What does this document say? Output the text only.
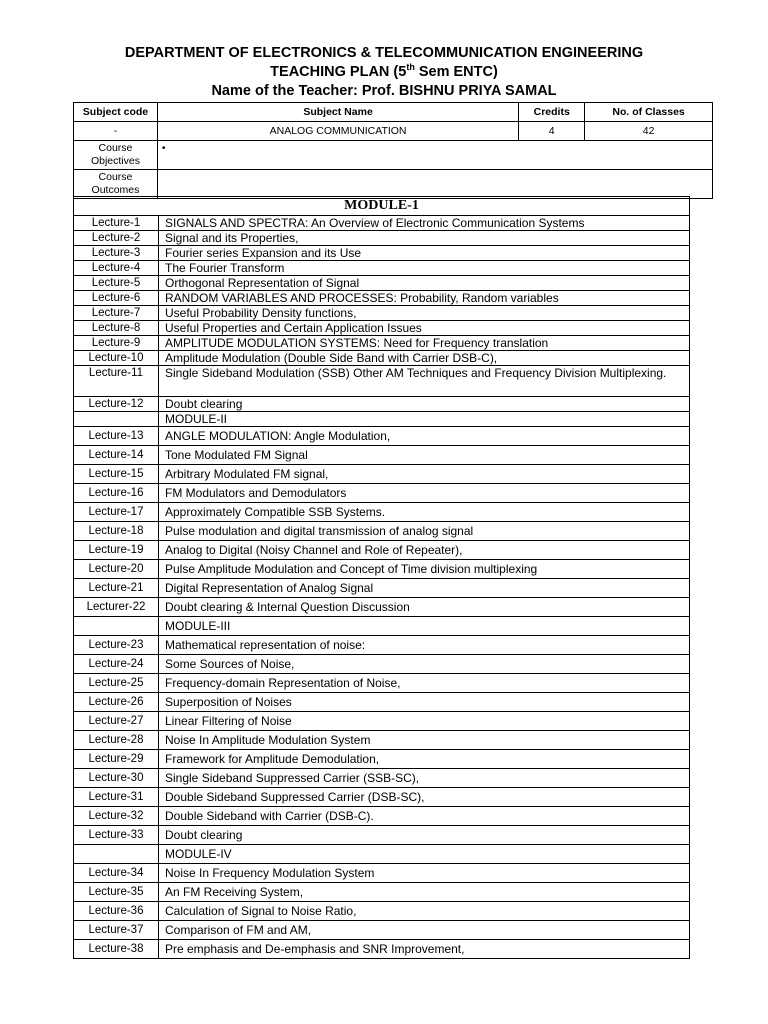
DEPARTMENT OF ELECTRONICS & TELECOMMUNICATION ENGINEERING
TEACHING PLAN (5th Sem ENTC)
Name of the Teacher: Prof. BISHNU PRIYA SAMAL
Subject code	Subject Name	Credits	No. of Classes
-	ANALOG COMMUNICATION	4	42
Course Objectives	•		
Course Outcomes			
MODULE-1	
Lecture-1	SIGNALS AND SPECTRA: An Overview of Electronic Communication Systems
Lecture-2	Signal and its Properties,
Lecture-3	Fourier series Expansion and its Use
Lecture-4	The Fourier Transform
Lecture-5	Orthogonal Representation of Signal
Lecture-6	RANDOM VARIABLES AND PROCESSES: Probability, Random variables
Lecture-7	Useful Probability Density functions,
Lecture-8	Useful Properties and Certain Application Issues
Lecture-9	AMPLITUDE MODULATION SYSTEMS: Need for Frequency translation
Lecture-10	Amplitude Modulation (Double Side Band with Carrier DSB-C),
Lecture-11	Single Sideband Modulation (SSB) Other AM Techniques and Frequency Division Multiplexing.
Lecture-12	Doubt clearing
	MODULE-II
Lecture-13	ANGLE MODULATION: Angle Modulation,
Lecture-14	Tone Modulated FM Signal
Lecture-15	Arbitrary Modulated FM signal,
Lecture-16	FM Modulators and Demodulators
Lecture-17	Approximately Compatible SSB Systems.
Lecture-18	Pulse modulation and digital transmission of analog signal
Lecture-19	Analog to Digital (Noisy Channel and Role of Repeater),
Lecture-20	Pulse Amplitude Modulation and Concept of Time division multiplexing
Lecture-21	Digital Representation of Analog Signal
Lecturer-22	Doubt clearing & Internal Question Discussion
	MODULE-III
Lecture-23	Mathematical representation of noise:
Lecture-24	Some Sources of Noise,
Lecture-25	Frequency-domain Representation of Noise,
Lecture-26	Superposition of Noises
Lecture-27	Linear Filtering of Noise
Lecture-28	Noise In Amplitude Modulation System
Lecture-29	Framework for Amplitude Demodulation,
Lecture-30	Single Sideband Suppressed Carrier (SSB-SC),
Lecture-31	Double Sideband Suppressed Carrier (DSB-SC),
Lecture-32	Double Sideband with Carrier (DSB-C).
Lecture-33	Doubt clearing
	MODULE-IV
Lecture-34	Noise In Frequency Modulation System
Lecture-35	An FM Receiving System,
Lecture-36	Calculation of Signal to Noise Ratio,
Lecture-37	Comparison of FM and AM,
Lecture-38	Pre emphasis and De-emphasis and SNR Improvement,
